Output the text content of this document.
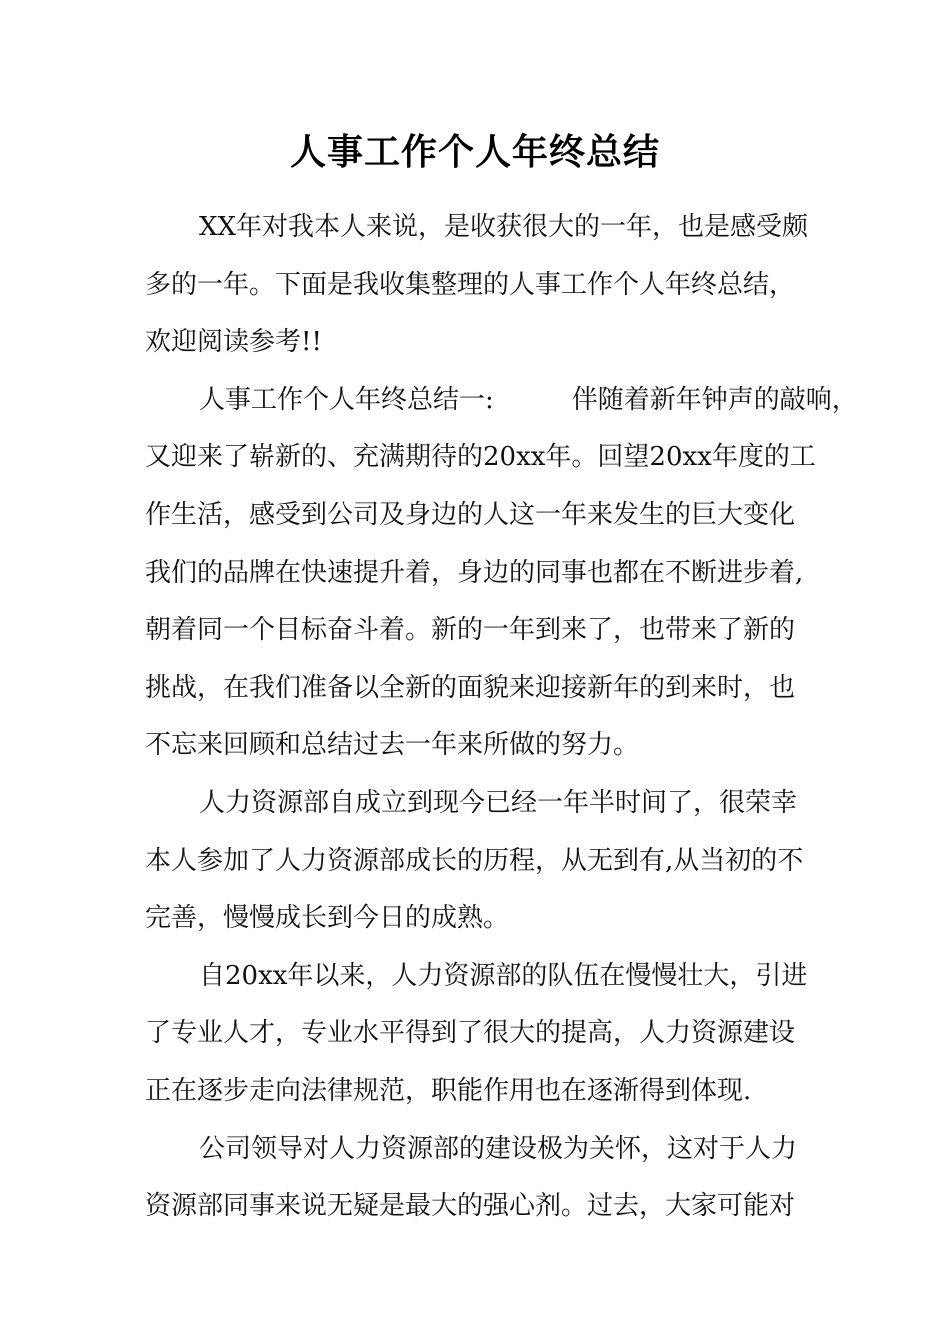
人事工作个人年终总结
XX年对我本人来说，是收获很大的一年，也是感受颇
多的一年。下面是我收集整理的人事工作个人年终总结，
欢迎阅读参考!!
人事工作个人年终总结一:　　　伴随着新年钟声的敲响，
又迎来了崭新的、充满期待的20xx年。回望20xx年度的工
作生活，感受到公司及身边的人这一年来发生的巨大变化
我们的品牌在快速提升着，身边的同事也都在不断进步着,
朝着同一个目标奋斗着。新的一年到来了，也带来了新的
挑战，在我们准备以全新的面貌来迎接新年的到来时，也
不忘来回顾和总结过去一年来所做的努力。
人力资源部自成立到现今已经一年半时间了，很荣幸
本人参加了人力资源部成长的历程，从无到有,从当初的不
完善，慢慢成长到今日的成熟。
自20xx年以来，人力资源部的队伍在慢慢壮大，引进
了专业人才，专业水平得到了很大的提高，人力资源建设
正在逐步走向法律规范，职能作用也在逐渐得到体现.
公司领导对人力资源部的建设极为关怀，这对于人力
资源部同事来说无疑是最大的强心剂。过去，大家可能对
